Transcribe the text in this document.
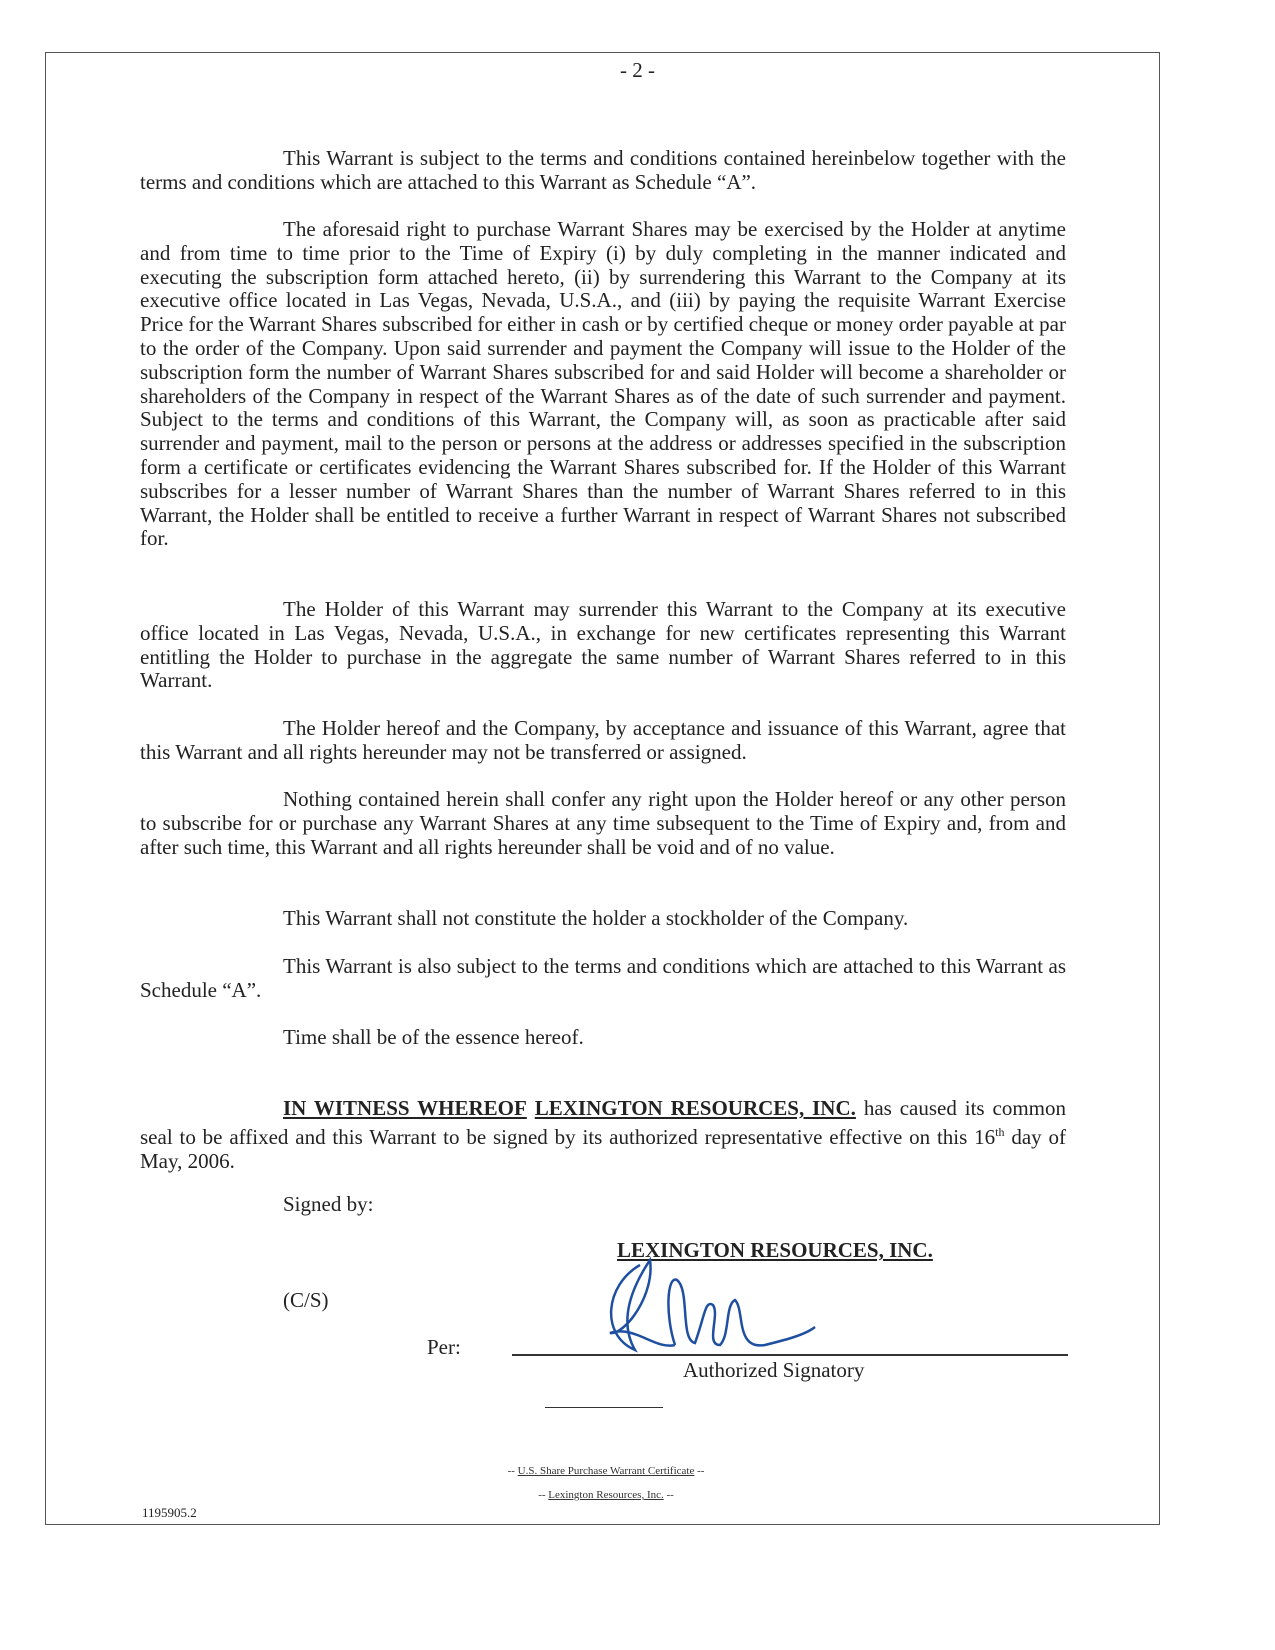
- 2 -

This Warrant is subject to the terms and conditions contained hereinbelow together with the terms and conditions which are attached to this Warrant as Schedule “A”.

The aforesaid right to purchase Warrant Shares may be exercised by the Holder at anytime and from time to time prior to the Time of Expiry (i) by duly completing in the manner indicated and executing the subscription form attached hereto, (ii) by surrendering this Warrant to the Company at its executive office located in Las Vegas, Nevada, U.S.A., and (iii) by paying the requisite Warrant Exercise Price for the Warrant Shares subscribed for either in cash or by certified cheque or money order payable at par to the order of the Company. Upon said surrender and payment the Company will issue to the Holder of the subscription form the number of Warrant Shares subscribed for and said Holder will become a shareholder or shareholders of the Company in respect of the Warrant Shares as of the date of such surrender and payment. Subject to the terms and conditions of this Warrant, the Company will, as soon as practicable after said surrender and payment, mail to the person or persons at the address or addresses specified in the subscription form a certificate or certificates evidencing the Warrant Shares subscribed for. If the Holder of this Warrant subscribes for a lesser number of Warrant Shares than the number of Warrant Shares referred to in this Warrant, the Holder shall be entitled to receive a further Warrant in respect of Warrant Shares not subscribed for.

The Holder of this Warrant may surrender this Warrant to the Company at its executive office located in Las Vegas, Nevada, U.S.A., in exchange for new certificates representing this Warrant entitling the Holder to purchase in the aggregate the same number of Warrant Shares referred to in this Warrant.

The Holder hereof and the Company, by acceptance and issuance of this Warrant, agree that this Warrant and all rights hereunder may not be transferred or assigned.

Nothing contained herein shall confer any right upon the Holder hereof or any other person to subscribe for or purchase any Warrant Shares at any time subsequent to the Time of Expiry and, from and after such time, this Warrant and all rights hereunder shall be void and of no value.

This Warrant shall not constitute the holder a stockholder of the Company.

This Warrant is also subject to the terms and conditions which are attached to this Warrant as Schedule “A”.

Time shall be of the essence hereof.

IN WITNESS WHEREOF LEXINGTON RESOURCES, INC. has caused its common seal to be affixed and this Warrant to be signed by its authorized representative effective on this 16th day of May, 2006.

Signed by:
LEXINGTON RESOURCES, INC.
(C/S)
Per:
Authorized Signatory
-- U.S. Share Purchase Warrant Certificate --
-- Lexington Resources, Inc. --
1195905.2
